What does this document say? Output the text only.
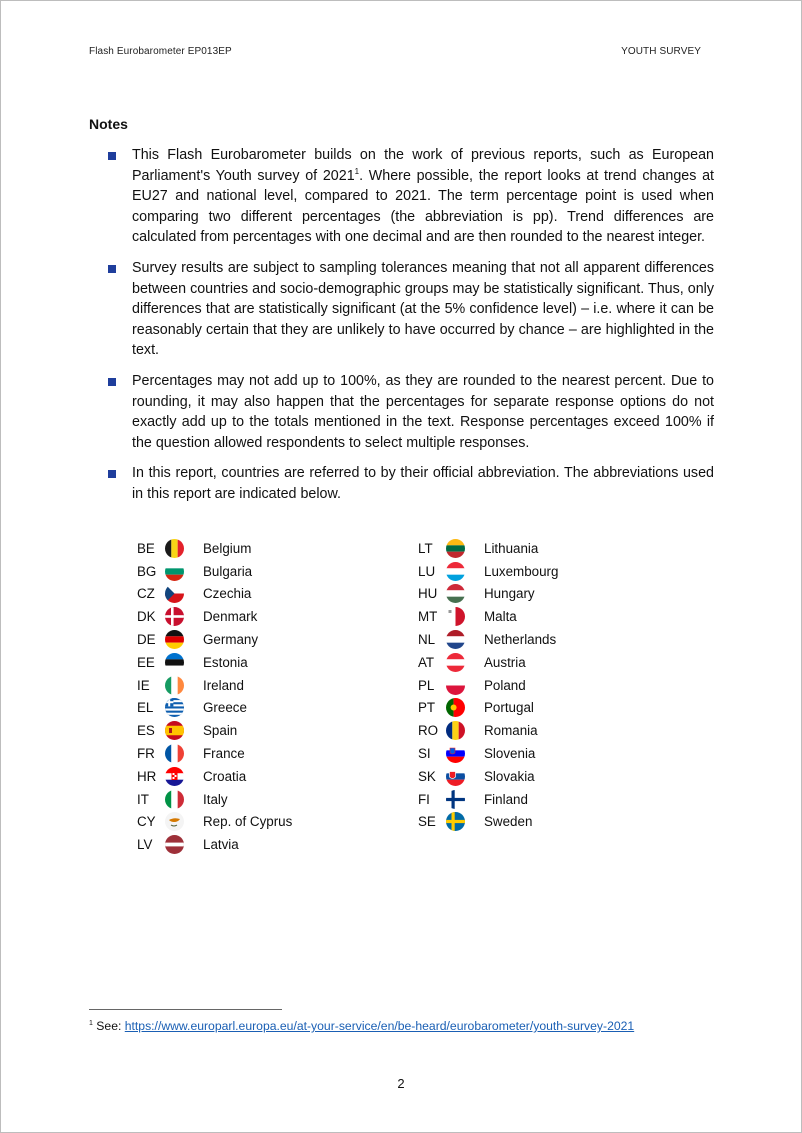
Flash Eurobarometer EP013EP	YOUTH SURVEY
Notes
This Flash Eurobarometer builds on the work of previous reports, such as European Parliament's Youth survey of 2021$^1$. Where possible, the report looks at trend changes at EU27 and national level, compared to 2021. The term percentage point is used when comparing two different percentages (the abbreviation is pp). Trend differences are calculated from percentages with one decimal and are then rounded to the nearest integer.
Survey results are subject to sampling tolerances meaning that not all apparent differences between countries and socio-demographic groups may be statistically significant. Thus, only differences that are statistically significant (at the 5% confidence level) – i.e. where it can be reasonably certain that they are unlikely to have occurred by chance – are highlighted in the text.
Percentages may not add up to 100%, as they are rounded to the nearest percent. Due to rounding, it may also happen that the percentages for separate response options do not exactly add up to the totals mentioned in the text. Response percentages exceed 100% if the question allowed respondents to select multiple responses.
In this report, countries are referred to by their official abbreviation. The abbreviations used in this report are indicated below.
BE	Belgium
BG	Bulgaria
CZ	Czechia
DK	Denmark
DE	Germany
EE	Estonia
IE	Ireland
EL	Greece
ES	Spain
FR	France
HR	Croatia
IT	Italy
CY	Rep. of Cyprus
LV	Latvia
LT	Lithuania
LU	Luxembourg
HU	Hungary
MT	Malta
NL	Netherlands
AT	Austria
PL	Poland
PT	Portugal
RO	Romania
SI	Slovenia
SK	Slovakia
FI	Finland
SE	Sweden
$^1$ See: https://www.europarl.europa.eu/at-your-service/en/be-heard/eurobarometer/youth-survey-2021
2
